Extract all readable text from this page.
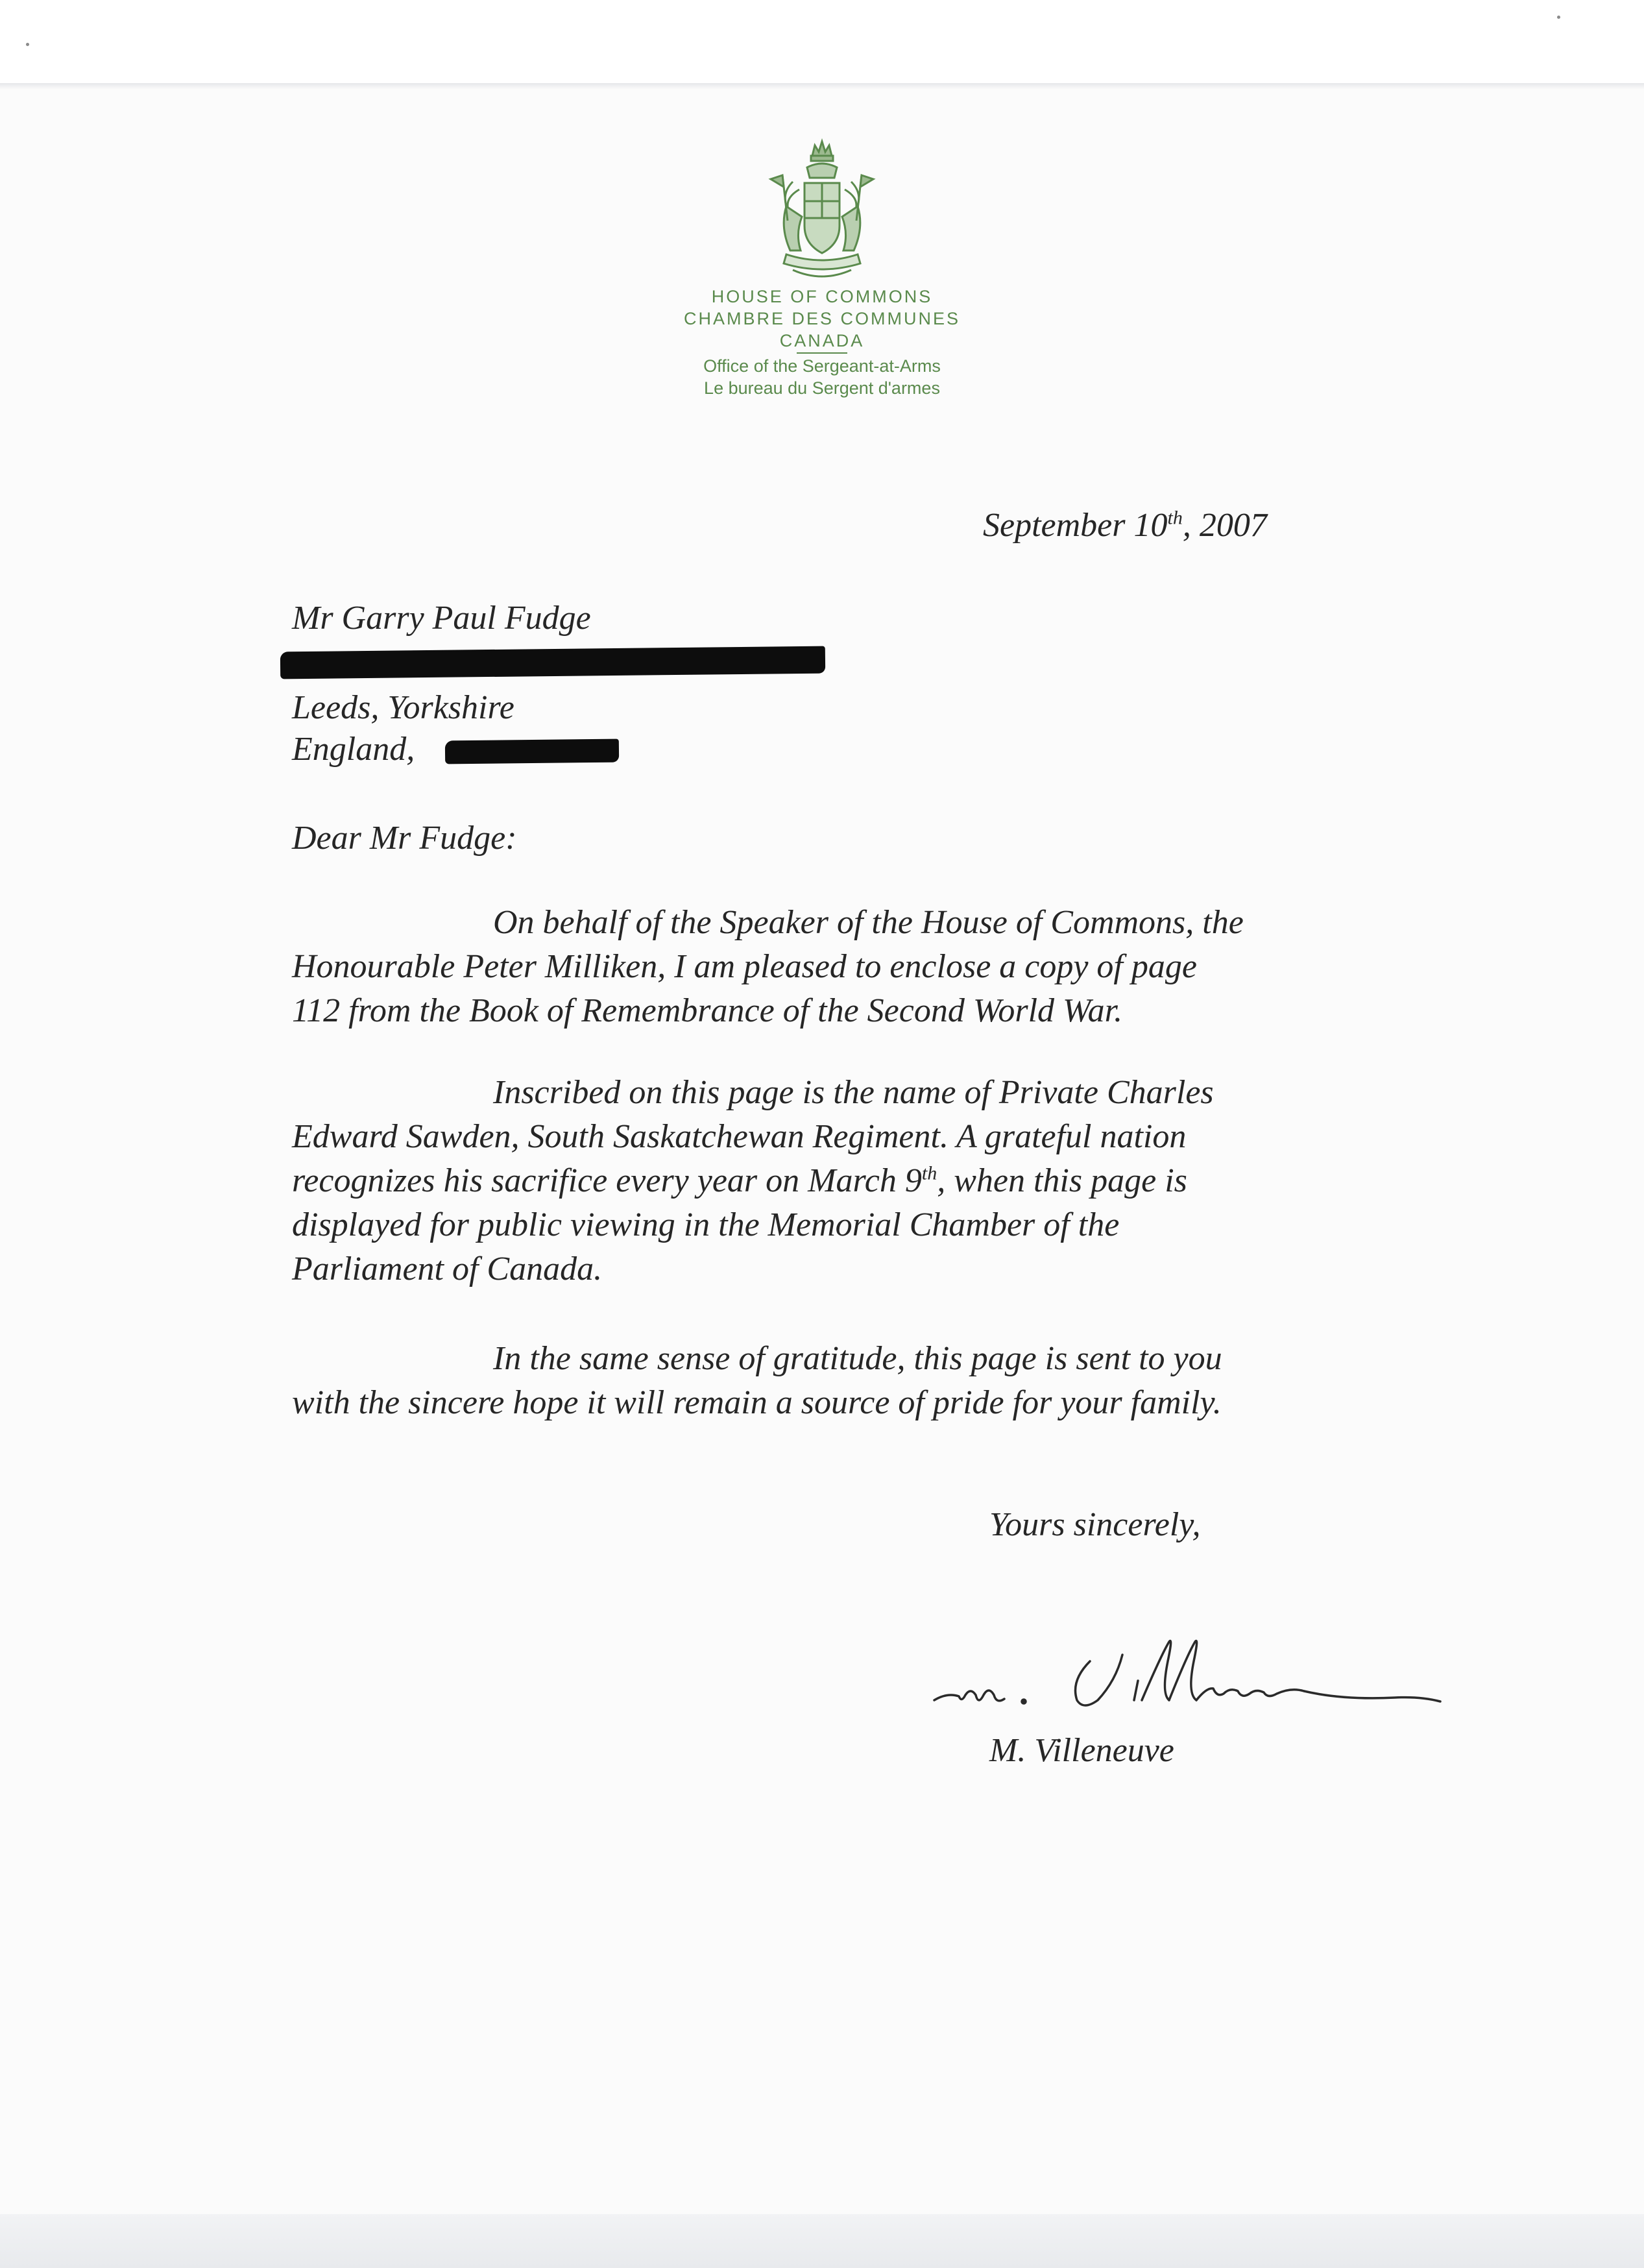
HOUSE OF COMMONS
CHAMBRE DES COMMUNES
CANADA
Office of the Sergeant-at-Arms
Le bureau du Sergent d'armes
September 10th, 2007
Mr Garry Paul Fudge
Leeds, Yorkshire
England,
Dear Mr Fudge:
On behalf of the Speaker of the House of Commons, the
Honourable Peter Milliken, I am pleased to enclose a copy of page
112 from the Book of Remembrance of the Second World War.
Inscribed on this page is the name of Private Charles
Edward Sawden, South Saskatchewan Regiment. A grateful nation
recognizes his sacrifice every year on March 9th, when this page is
displayed for public viewing in the Memorial Chamber of the
Parliament of Canada.
In the same sense of gratitude, this page is sent to you
with the sincere hope it will remain a source of pride for your family.
Yours sincerely,
M. Villeneuve
